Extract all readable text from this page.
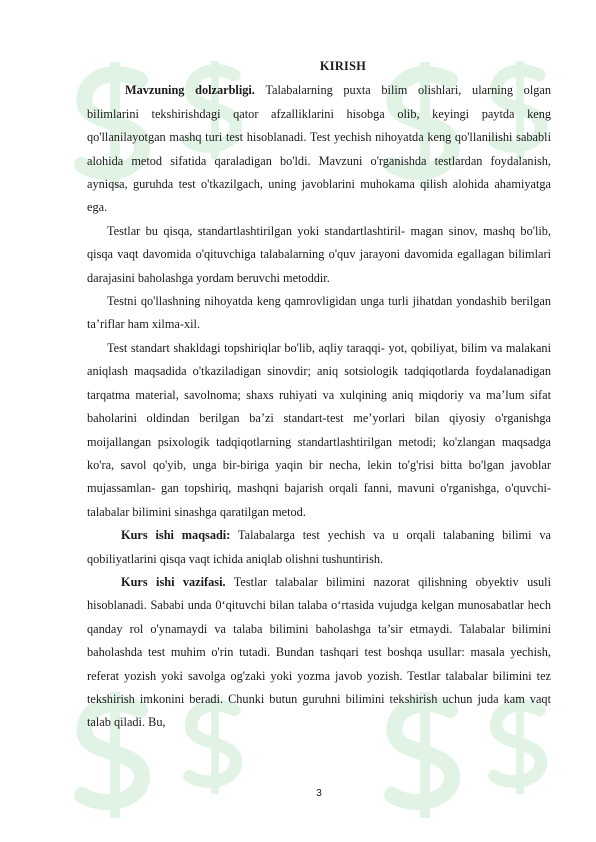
KIRISH

Mavzuning dolzarbligi. Talabalarning puxta bilim olishlari, ularning olgan bilimlarini tekshirishdagi qator afzalliklarini hisobga olib, keyingi paytda keng qo'llanilayotgan mashq turi test hisoblanadi. Test yechish nihoyatda keng qo'llanilishi sababli alohida metod sifatida qaraladigan bo'ldi. Mavzuni o'rganishda testlardan foydalanish, ayniqsa, guruhda test o'tkazilgach, uning javoblarini muhokama qilish alohida ahamiyatga ega.

Testlar bu qisqa, standartlashtirilgan yoki standartlashtiril- magan sinov, mashq bo'lib, qisqa vaqt davomida o'qituvchiga talabalarning o'quv jarayoni davomida egallagan bilimlari darajasini baholashga yordam beruvchi metoddir.

Testni qo'llashning nihoyatda keng qamrovligidan unga turli jihatdan yondashib berilgan ta’riflar ham xilma-xil.

Test standart shakldagi topshiriqlar bo'lib, aqliy taraqqi- yot, qobiliyat, bilim va malakani aniqlash maqsadida o'tkaziladigan sinovdir; aniq sotsiologik tadqiqotlarda foydalanadigan tarqatma material, savolnoma; shaxs ruhiyati va xulqining aniq miqdoriy va ma’lum sifat baholarini oldindan berilgan ba’zi standart-test me’yorlari bilan qiyosiy o'rganishga moijallangan psixologik tadqiqotlarning standartlashtirilgan metodi; ko'zlangan maqsadga ko'ra, savol qo'yib, unga bir-biriga yaqin bir necha, lekin to'g'risi bitta bo'lgan javoblar mujassamlan- gan topshiriq, mashqni bajarish orqali fanni, mavuni o'rganishga, o'quvchi-talabalar bilimini sinashga qaratilgan metod.

Kurs ishi maqsadi: Talabalarga test yechish va u orqali talabaning bilimi va qobiliyatlarini qisqa vaqt ichida aniqlab olishni tushuntirish.

Kurs ishi vazifasi. Testlar talabalar bilimini nazorat qilishning obyektiv usuli hisoblanadi. Sababi unda 0‘qituvchi bilan talaba o‘rtasida vujudga kelgan munosabatlar hech qanday rol o'ynamaydi va talaba bilimini baholashga ta’sir etmaydi. Talabalar bilimini baholashda test muhim o'rin tutadi. Bundan tashqari test boshqa usullar: masala yechish, referat yozish yoki savolga og'zaki yoki yozma javob yozish. Testlar talabalar bilimini tez tekshirish imkonini beradi. Chunki butun guruhni bilimini tekshirish uchun juda kam vaqt talab qiladi. Bu,

3
